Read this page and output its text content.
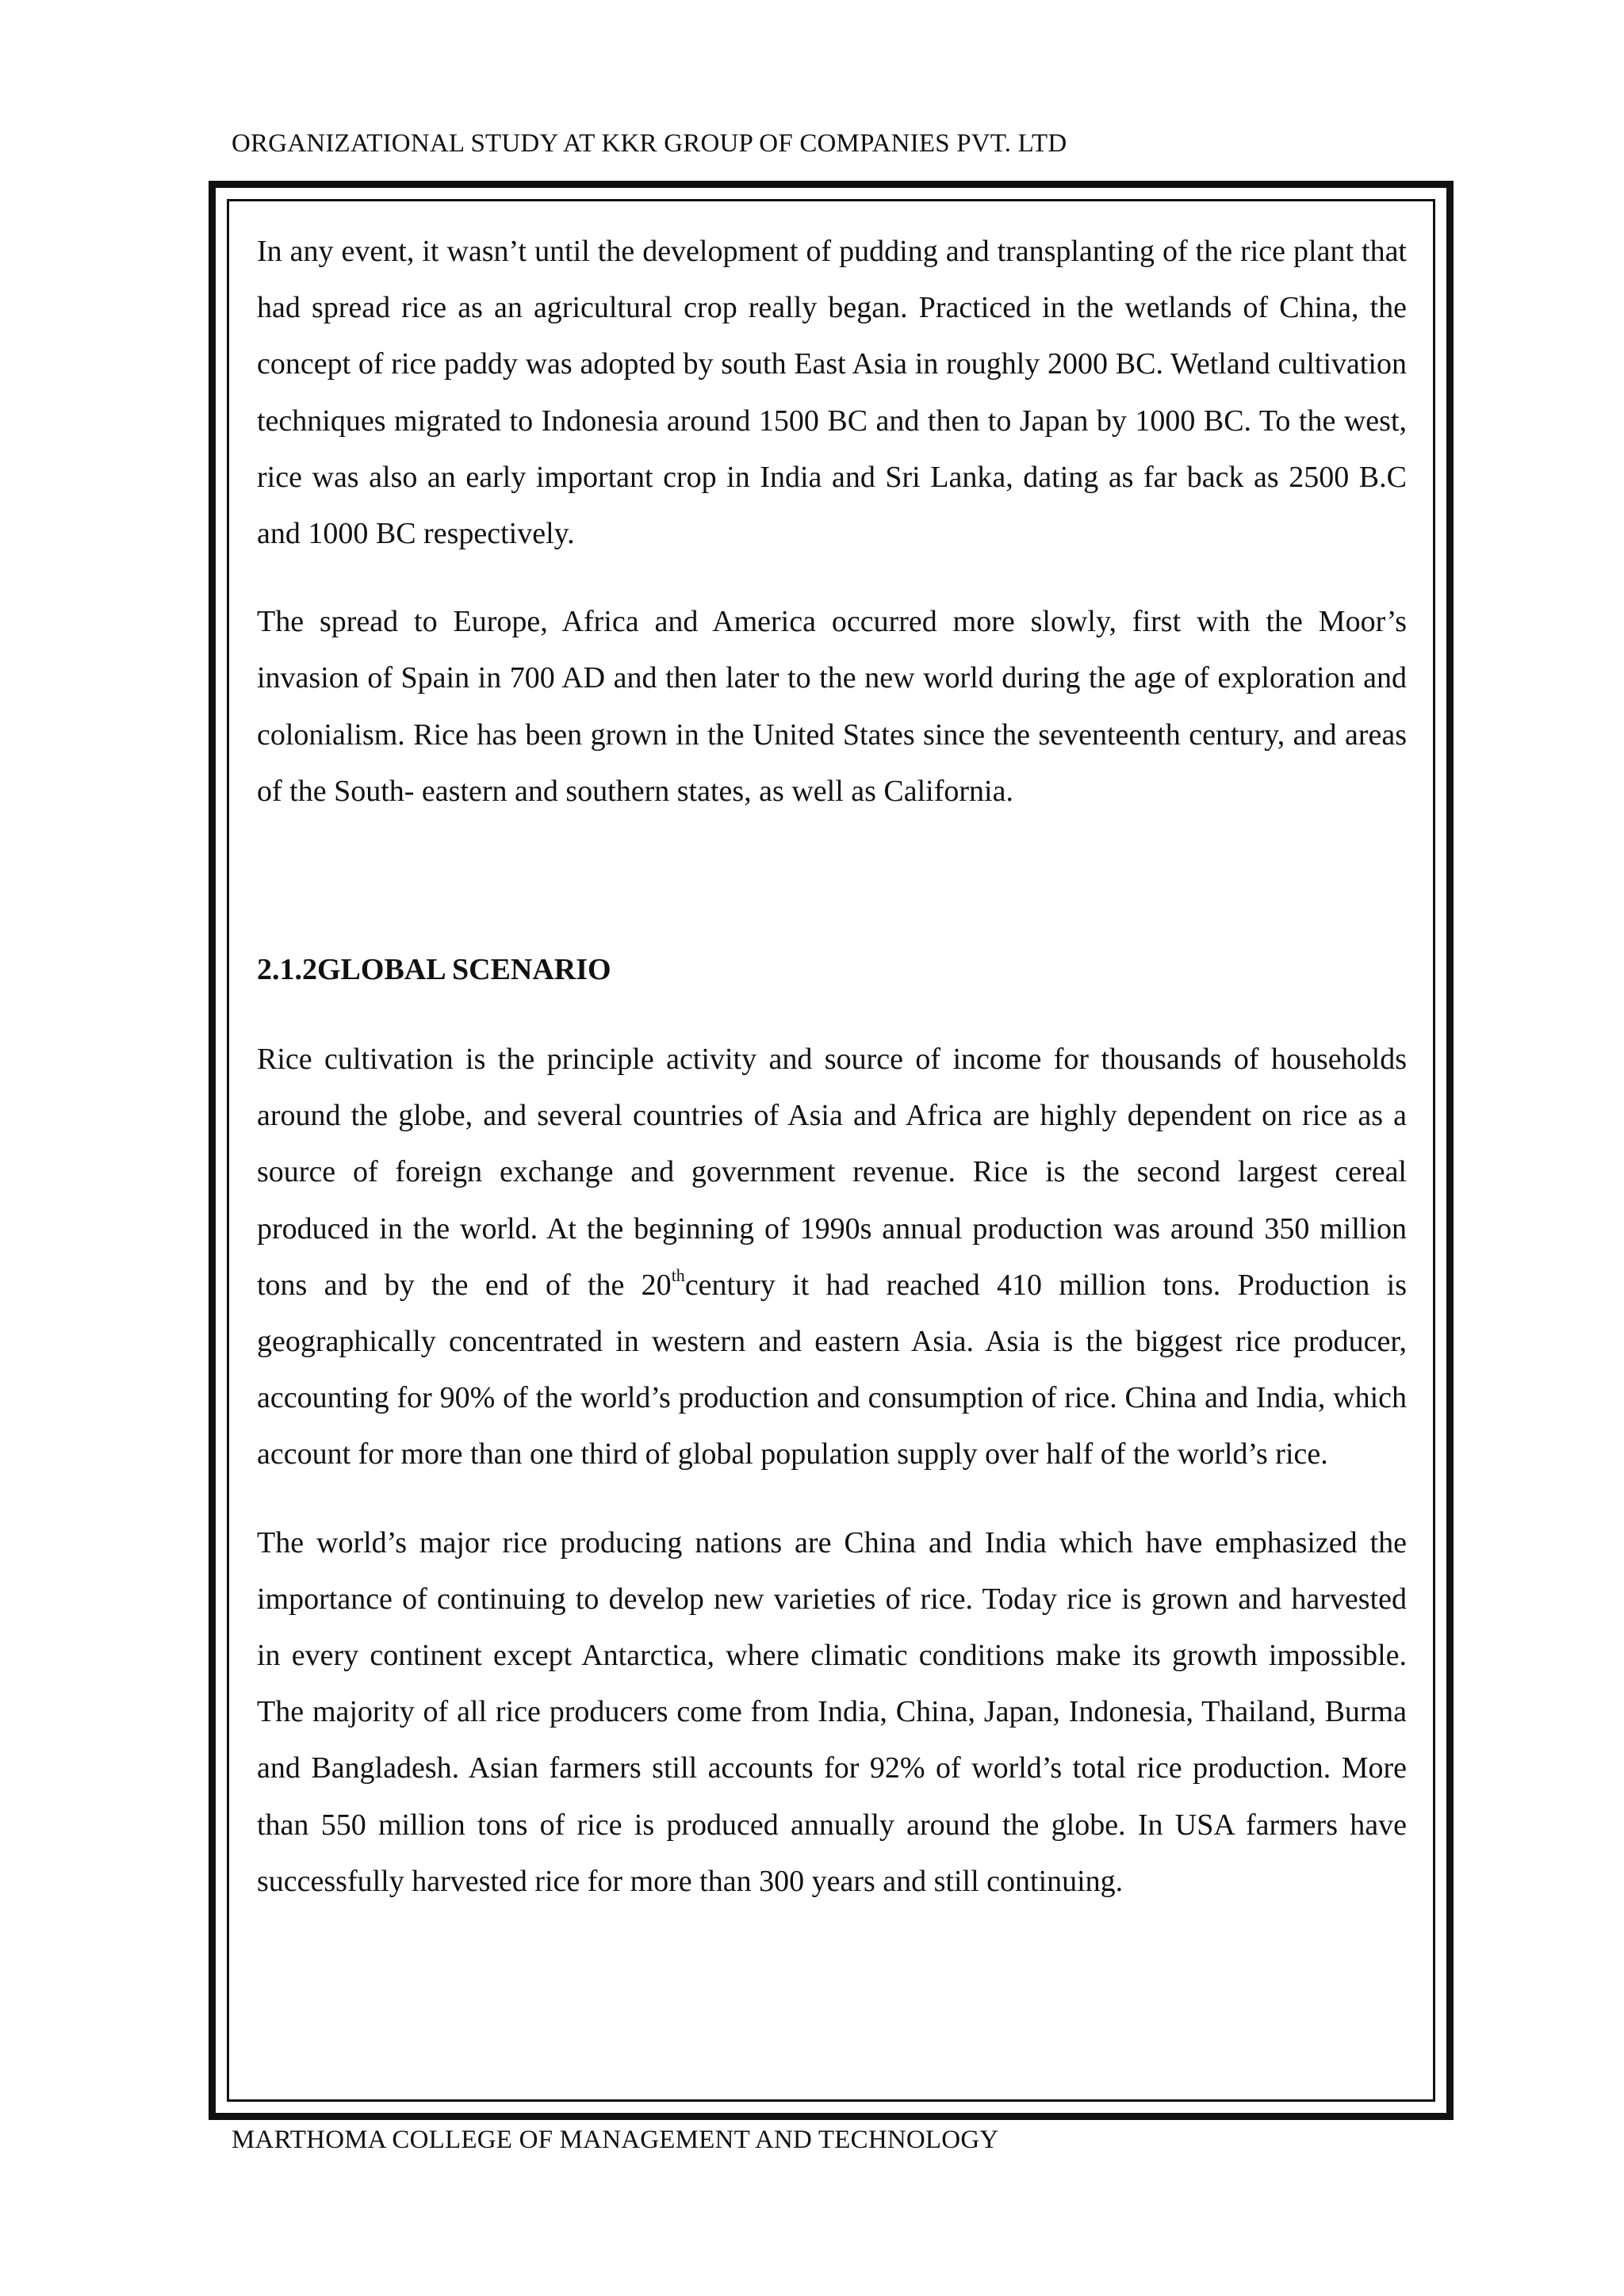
ORGANIZATIONAL STUDY AT KKR GROUP OF COMPANIES PVT. LTD

In any event, it wasn’t until the development of pudding and transplanting of the rice plant that had spread rice as an agricultural crop really began. Practiced in the wetlands of China, the concept of rice paddy was adopted by south East Asia in roughly 2000 BC. Wetland cultivation techniques migrated to Indonesia around 1500 BC and then to Japan by 1000 BC. To the west, rice was also an early important crop in India and Sri Lanka, dating as far back as 2500 B.C and 1000 BC respectively.

The spread to Europe, Africa and America occurred more slowly, first with the Moor’s invasion of Spain in 700 AD and then later to the new world during the age of exploration and colonialism. Rice has been grown in the United States since the seventeenth century, and areas of the South- eastern and southern states, as well as California.

2.1.2GLOBAL SCENARIO

Rice cultivation is the principle activity and source of income for thousands of households around the globe, and several countries of Asia and Africa are highly dependent on rice as a source of foreign exchange and government revenue. Rice is the second largest cereal produced in the world. At the beginning of 1990s annual production was around 350 million tons and by the end of the 20thcentury it had reached 410 million tons. Production is geographically concentrated in western and eastern Asia. Asia is the biggest rice producer, accounting for 90% of the world’s production and consumption of rice. China and India, which account for more than one third of global population supply over half of the world’s rice.

The world’s major rice producing nations are China and India which have emphasized the importance of continuing to develop new varieties of rice. Today rice is grown and harvested in every continent except Antarctica, where climatic conditions make its growth impossible. The majority of all rice producers come from India, China, Japan, Indonesia, Thailand, Burma and Bangladesh. Asian farmers still accounts for 92% of world’s total rice production. More than 550 million tons of rice is produced annually around the globe. In USA farmers have successfully harvested rice for more than 300 years and still continuing.

MARTHOMA COLLEGE OF MANAGEMENT AND TECHNOLOGY
